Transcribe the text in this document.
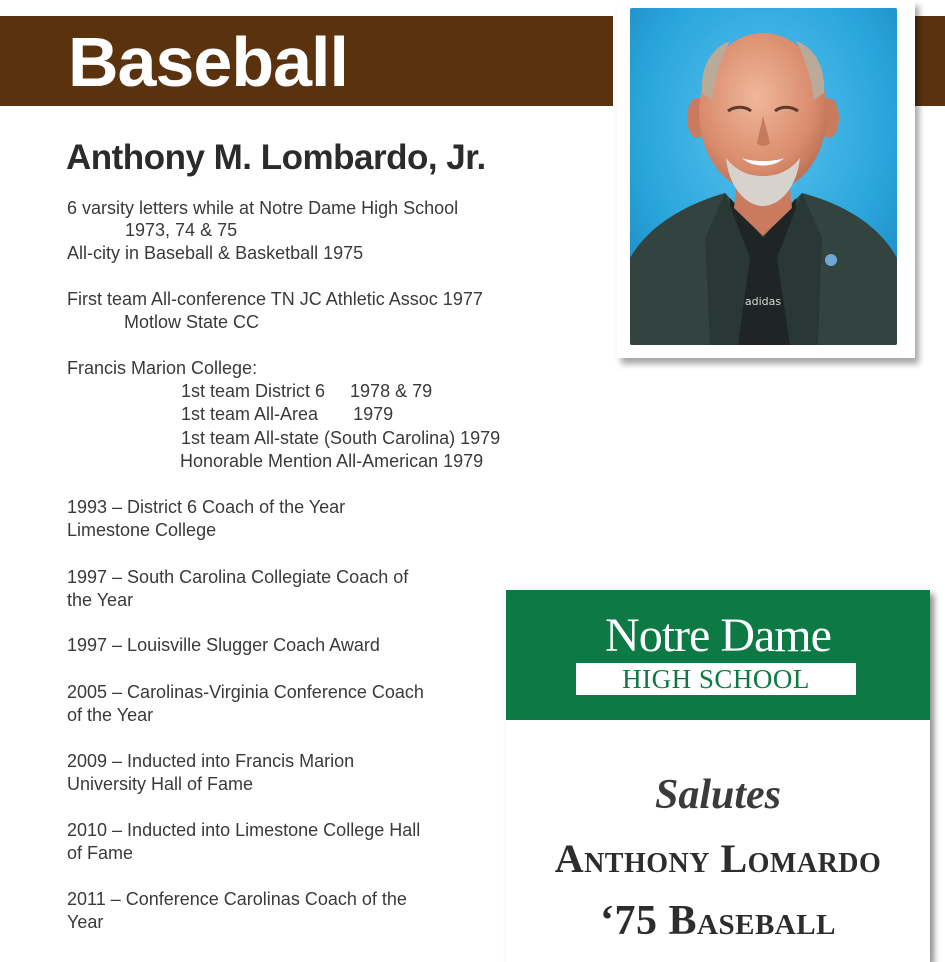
Baseball
Anthony M. Lombardo, Jr.

6 varsity letters while at Notre Dame High School

1973, 74 & 75

All-city in Baseball & Basketball 1975

First team All-conference TN JC Athletic Assoc 1977

Motlow State CC

Francis Marion College:

1st team District 6     1978 & 79

1st team All-Area       1979

1st team All-state (South Carolina) 1979

Honorable Mention All-American 1979

1993 – District 6 Coach of the Year

Limestone College

1997 – South Carolina Collegiate Coach of

the Year

1997 – Louisville Slugger Coach Award

2005 – Carolinas-Virginia Conference Coach

of the Year

2009 – Inducted into Francis Marion

University Hall of Fame

2010 – Inducted into Limestone College Hall

of Fame

2011 – Conference Carolinas Coach of the

Year

adidas
Notre Dame
HIGH SCHOOL
Salutes
Anthony Lomardo
‘75 Baseball
